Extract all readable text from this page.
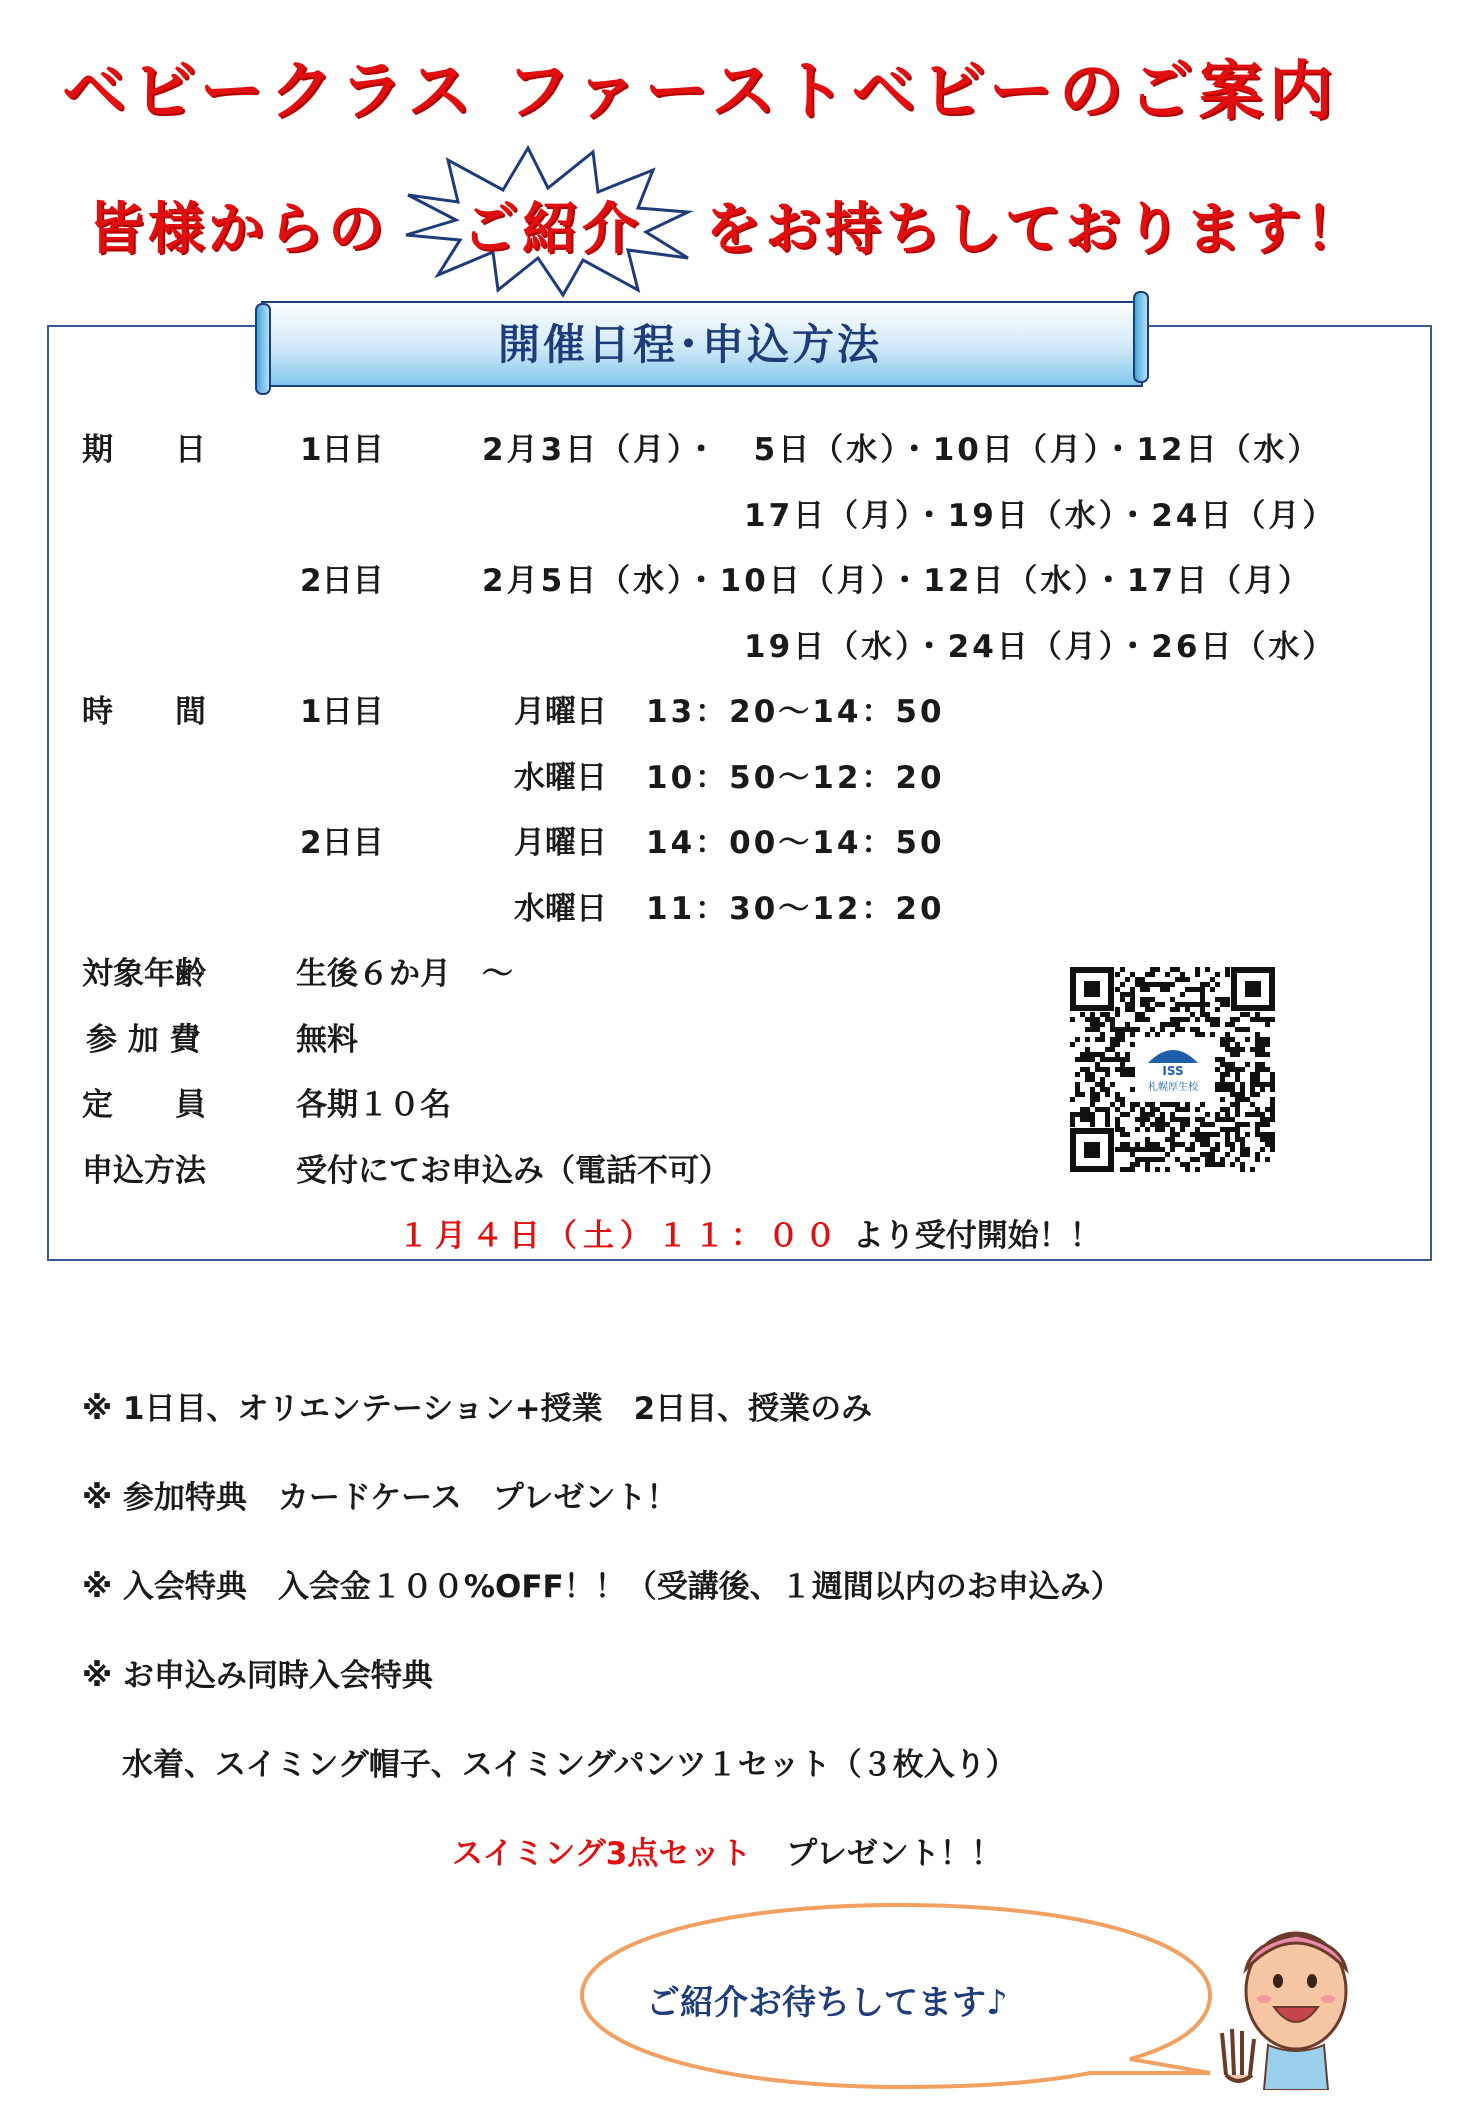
ベビークラス ファーストベビーのご案内
皆様からの ご紹介 をお持ちしております！
開催日程･申込方法
期　　日	1日目	2月3日（月）・　5日（水）・10日（月）・12日（水）
17日（月）・19日（水）・24日（月）
2日目	2月5日（水）・10日（月）・12日（水）・17日（月）
19日（水）・24日（月）・26日（水）
時　　間	1日目	月曜日 13：20～14：50
水曜日 10：50～12：20
2日目	月曜日 14：00～14：50
水曜日 11：30～12：20
対象年齢	生後６か月　～
参 加 費	無料
定　　員	各期１０名
申込方法	受付にてお申込み（電話不可）
１月４日（土）１１：００ より受付開始！！
ISS
札幌厚生校
※ 1日目、オリエンテーション+授業　2日目、授業のみ
※ 参加特典　カードケース　プレゼント！
※ 入会特典　入会金１００%OFF！！（受講後、１週間以内のお申込み）
※ お申込み同時入会特典
水着、スイミング帽子、スイミングパンツ１セット（３枚入り）
スイミング3点セット プレゼント！！
ご紹介お待ちしてます♪
